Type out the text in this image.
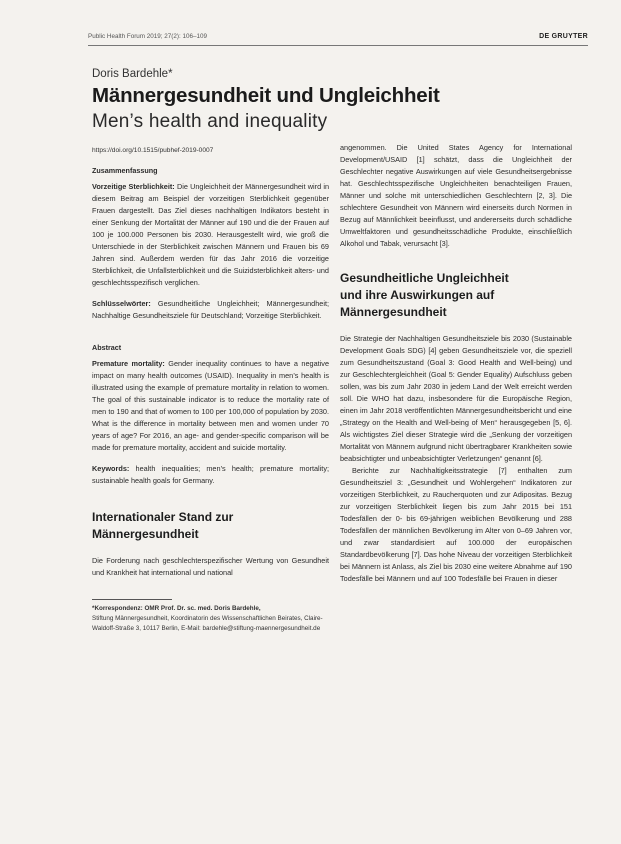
Public Health Forum 2019; 27(2): 106–109	DE GRUYTER
Doris Bardehle*
Männergesundheit und Ungleichheit
Men’s health and inequality

https://doi.org/10.1515/pubhef-2019-0007

Zusammenfassung

Vorzeitige Sterblichkeit: Die Ungleichheit der Männergesundheit wird in diesem Beitrag am Beispiel der vorzeitigen Sterblichkeit gegenüber Frauen dargestellt. Das Ziel dieses nachhaltigen Indikators besteht in einer Senkung der Mortalität der Männer auf 190 und die der Frauen auf 100 je 100.000 Personen bis 2030. Herausgestellt wird, wie groß die Unterschiede in der Sterblichkeit zwischen Männern und Frauen bis 69 Jahren sind. Außerdem werden für das Jahr 2016 die vorzeitige Sterblichkeit, die Unfallsterblichkeit und die Suizidsterblichkeit alters- und geschlechtsspezifisch verglichen.

Schlüsselwörter: Gesundheitliche Ungleichheit; Männergesundheit; Nachhaltige Gesundheitsziele für Deutschland; Vorzeitige Sterblichkeit.

Abstract

Premature mortality: Gender inequality continues to have a negative impact on many health outcomes (USAID). Inequality in men’s health is illustrated using the example of premature mortality in relation to women. The goal of this sustainable indicator is to reduce the mortality rate of men to 190 and that of women to 100 per 100,000 of population by 2030. What is the difference in mortality between men and women under 70 years of age? For 2016, an age- and gender-specific comparison will be made for premature mortality, accident and suicide mortality.

Keywords: health inequalities; men’s health; premature mortality; sustainable health goals for Germany.

Internationaler Stand zur
Männergesundheit

Die Forderung nach geschlechterspezifischer Wertung von Gesundheit und Krankheit hat international und national

*Korrespondenz: OMR Prof. Dr. sc. med. Doris Bardehle,
Stiftung Männergesundheit, Koordinatorin des Wissenschaftlichen Beirates, Claire-Waldoff-Straße 3, 10117 Berlin, E-Mail: bardehle@stiftung-maennergesundheit.de

angenommen. Die United States Agency for International Development/USAID [1] schätzt, dass die Ungleichheit der Geschlechter negative Auswirkungen auf viele Gesundheitsergebnisse hat. Geschlechtsspezifische Ungleichheiten benachteiligen Frauen, Männer und solche mit unterschiedlichen Geschlechtern [2, 3]. Die schlechtere Gesundheit von Männern wird einerseits durch Normen in Bezug auf Männlichkeit beeinflusst, und andererseits durch schädliche Umweltfaktoren und gesundheitsschädliche Produkte, einschließlich Alkohol und Tabak, verursacht [3].

Gesundheitliche Ungleichheit
und ihre Auswirkungen auf
Männergesundheit

Die Strategie der Nachhaltigen Gesundheitsziele bis 2030 (Sustainable Development Goals SDG) [4] geben Gesundheitsziele vor, die speziell zum Gesundheitszustand (Goal 3: Good Health and Well-being) und zur Geschlechtergleichheit (Goal 5: Gender Equality) Aufschluss geben sollen, was bis zum Jahr 2030 in jedem Land der Welt erreicht werden soll. Die WHO hat dazu, insbesondere für die Europäische Region, einen im Jahr 2018 veröffentlichten Männergesundheitsbericht und eine „Strategy on the Health and Well-being of Men“ herausgegeben [5, 6]. Als wichtigstes Ziel dieser Strategie wird die „Senkung der vorzeitigen Mortalität von Männern aufgrund nicht übertragbarer Krankheiten sowie beabsichtigter und unbeabsichtigter Verletzungen“ genannt [6].

Berichte zur Nachhaltigkeitsstrategie [7] enthalten zum Gesundheitsziel 3: „Gesundheit und Wohlergehen“ Indikatoren zur vorzeitigen Sterblichkeit, zu Raucherquoten und zur Adipositas. Bezug zur vorzeitigen Sterblichkeit liegen bis zum Jahr 2015 bei 151 Todesfällen der 0- bis 69-jährigen weiblichen Bevölkerung und 288 Todesfällen der männlichen Bevölkerung im Alter von 0–69 Jahren vor, und zwar standardisiert auf 100.000 der europäischen Standardbevölkerung [7]. Das hohe Niveau der vorzeitigen Sterblichkeit bei Männern ist Anlass, als Ziel bis 2030 eine weitere Abnahme auf 190 Todesfälle bei Männern und auf 100 Todesfälle bei Frauen in dieser
